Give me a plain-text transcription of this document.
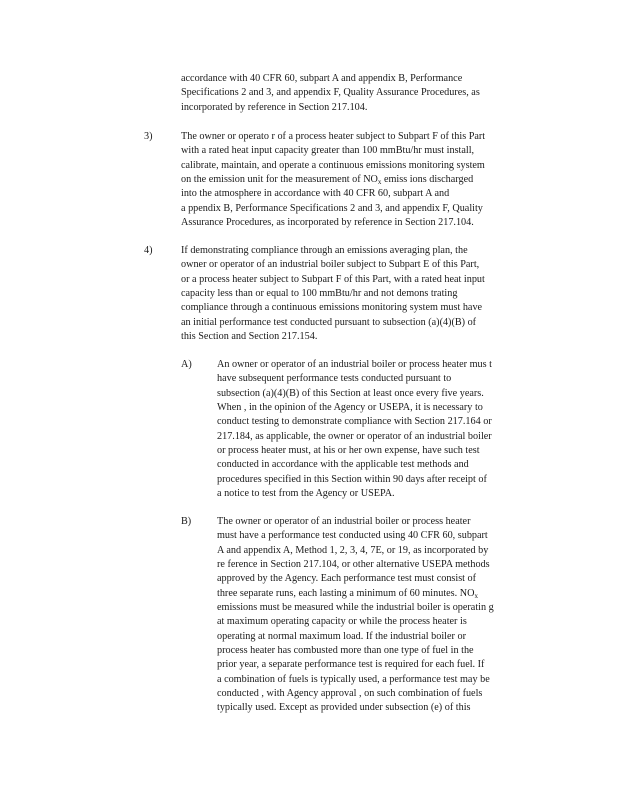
accordance with 40 CFR 60, subpart A and appendix B, Performance
Specifications 2 and 3, and appendix F, Quality Assurance Procedures, as
incorporated by reference in Section 217.104.
3)	The owner or operato r of a process heater subject to Subpart F of this Part
with a rated heat input capacity greater than 100 mmBtu/hr must install,
calibrate, maintain, and operate a continuous emissions monitoring system
on the emission unit for the measurement of $NO_x$ emiss ions discharged
into the atmosphere in accordance with 40 CFR 60, subpart A and
a ppendix B, Performance Specifications 2 and 3, and appendix F, Quality
Assurance Procedures, as incorporated by reference in Section 217.104.
4)	If demonstrating compliance through an emissions averaging plan, the
owner or operator of an industrial boiler subject to Subpart E of this Part,
or a process heater subject to Subpart F of this Part, with a rated heat input
capacity less than or equal to 100 mmBtu/hr and not demons trating
compliance through a continuous emissions monitoring system must have
an initial performance test conducted pursuant to subsection (a)(4)(B) of
this Section and Section 217.154.
A) An owner or operator of an industrial boiler or process heater mus t
have subsequent performance tests conducted pursuant to
subsection (a)(4)(B) of this Section at least once every five years.
When , in the opinion of the Agency or USEPA, it is necessary to
conduct testing to demonstrate compliance with Section 217.164 or
217.184, as applicable, the owner or operator of an industrial boiler
or process heater must, at his or her own expense, have such test
conducted in accordance with the applicable test methods and
procedures specified in this Section within 90 days after receipt of
a notice to test from the Agency or USEPA.
B)	The owner or operator of an industrial boiler or process heater
must have a performance test conducted using 40 CFR 60, subpart
A and appendix A, Method 1, 2, 3, 4, 7E, or 19, as incorporated by
re ference in Section 217.104, or other alternative USEPA methods
approved by the Agency. Each performance test must consist of
three separate runs, each lasting a minimum of 60 minutes. $NO_x$
emissions must be measured while the industrial boiler is operatin g
at maximum operating capacity or while the process heater is
operating at normal maximum load. If the industrial boiler or
process heater has combusted more than one type of fuel in the
prior year, a separate performance test is required for each fuel. If
a combination of fuels is typically used, a performance test may be
conducted , with Agency approval , on such combination of fuels
typically used. Except as provided under subsection (e) of this
